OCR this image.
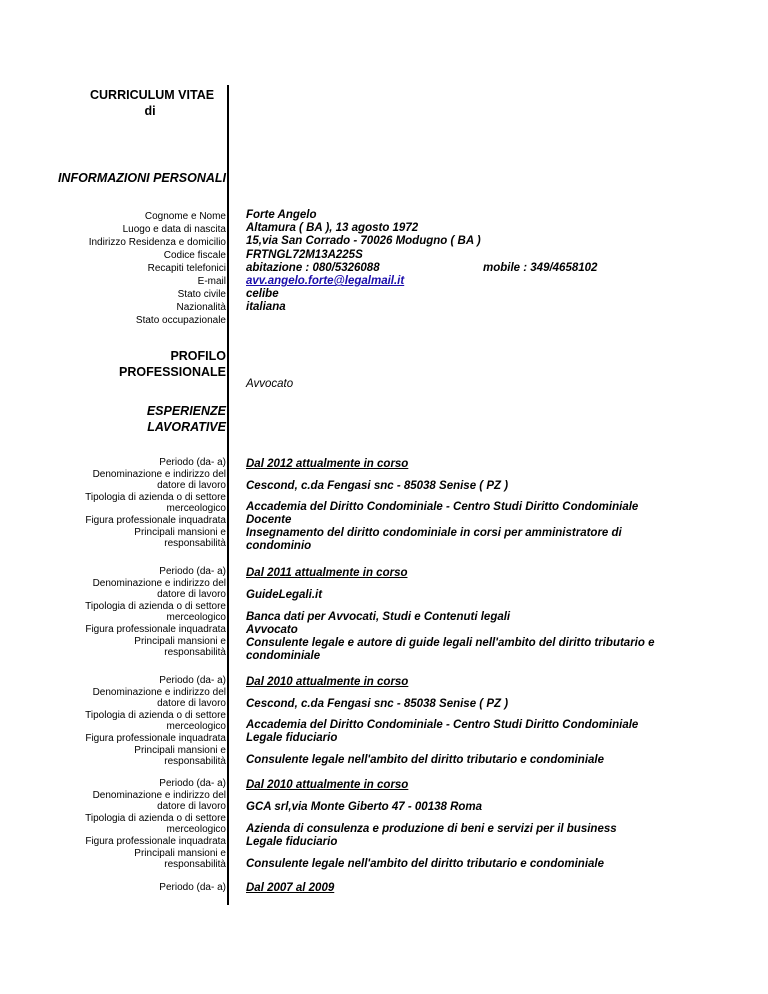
CURRICULUM VITAE
di
INFORMAZIONI PERSONALI
Cognome e Nome
Luogo e data di nascita
Indirizzo Residenza e domicilio
Codice fiscale
Recapiti telefonici
E-mail
Stato civile
Nazionalità
Stato occupazionale
Forte Angelo
Altamura ( BA ), 13 agosto 1972
15,via San Corrado - 70026 Modugno ( BA )
FRTNGL72M13A225S
abitazione : 080/5326088	mobile : 349/4658102
avv.angelo.forte@legalmail.it
celibe
italiana
PROFILO
PROFESSIONALE
Avvocato
ESPERIENZE
LAVORATIVE
Periodo (da- a)
Denominazione e indirizzo del
datore di lavoro
Tipologia di azienda o di settore
merceologico
Figura professionale inquadrata
Principali mansioni e
responsabilità
Dal 2012 attualmente in corso
Cescond, c.da Fengasi snc - 85038 Senise ( PZ )
Accademia del Diritto Condominiale - Centro Studi Diritto Condominiale
Docente
Insegnamento del diritto condominiale in corsi per amministratore di
condominio
Periodo (da- a)
Denominazione e indirizzo del
datore di lavoro
Tipologia di azienda o di settore
merceologico
Figura professionale inquadrata
Principali mansioni e
responsabilità
Dal 2011 attualmente in corso
GuideLegali.it
Banca dati per Avvocati, Studi e Contenuti legali
Avvocato
Consulente legale e autore di guide legali nell'ambito del diritto tributario e
condominiale
Periodo (da- a)
Denominazione e indirizzo del
datore di lavoro
Tipologia di azienda o di settore
merceologico
Figura professionale inquadrata
Principali mansioni e
responsabilità
Dal 2010 attualmente in corso
Cescond, c.da Fengasi snc - 85038 Senise ( PZ )
Accademia del Diritto Condominiale - Centro Studi Diritto Condominiale
Legale fiduciario
Consulente legale nell'ambito del diritto tributario e condominiale
Periodo (da- a)
Denominazione e indirizzo del
datore di lavoro
Tipologia di azienda o di settore
merceologico
Figura professionale inquadrata
Principali mansioni e
responsabilità
Dal 2010 attualmente in corso
GCA srl,via Monte Giberto 47 - 00138 Roma
Azienda di consulenza e produzione di beni e servizi per il business
Legale fiduciario
Consulente legale nell'ambito del diritto tributario e condominiale
Periodo (da- a) Dal 2007 al 2009
